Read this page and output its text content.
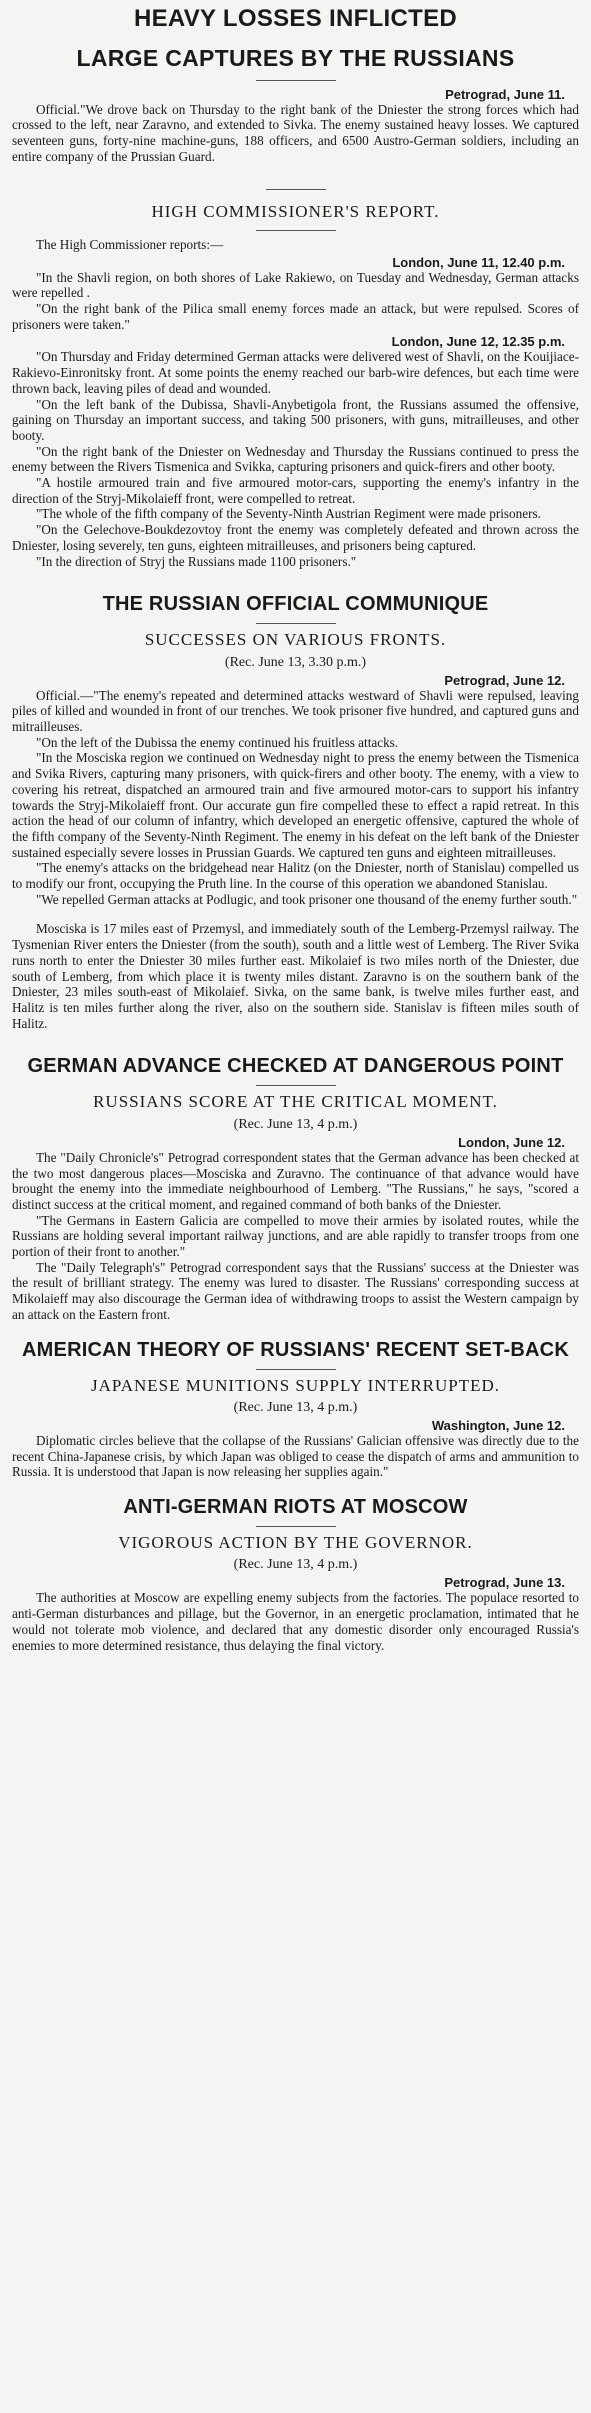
HEAVY LOSSES INFLICTED
LARGE CAPTURES BY THE RUSSIANS
Petrograd, June 11.

Official."We drove back on Thursday to the right bank of the Dniester the strong forces which had crossed to the left, near Zaravno, and extended to Sivka. The enemy sustained heavy losses. We captured seventeen guns, forty-nine machine-guns, 188 officers, and 6500 Austro-German soldiers, including an entire company of the Prussian Guard.

HIGH COMMISSIONER'S REPORT.

The High Commissioner reports:—

London, June 11, 12.40 p.m.

"In the Shavli region, on both shores of Lake Rakiewo, on Tuesday and Wednesday, German attacks were repelled .

"On the right bank of the Pilica small enemy forces made an attack, but were repulsed. Scores of prisoners were taken."

London, June 12, 12.35 p.m.

"On Thursday and Friday determined German attacks were delivered west of Shavli, on the Kouijiace-Rakievo-Einronitsky front. At some points the enemy reached our barb-wire defences, but each time were thrown back, leaving piles of dead and wounded.

"On the left bank of the Dubissa, Shavli-Anybetigola front, the Russians assumed the offensive, gaining on Thursday an important success, and taking 500 prisoners, with guns, mitrailleuses, and other booty.

"On the right bank of the Dniester on Wednesday and Thursday the Russians continued to press the enemy between the Rivers Tismenica and Svikka, capturing prisoners and quick-firers and other booty.

"A hostile armoured train and five armoured motor-cars, supporting the enemy's infantry in the direction of the Stryj-Mikolaieff front, were compelled to retreat.

"The whole of the fifth company of the Seventy-Ninth Austrian Regiment were made prisoners.

"On the Gelechove-Boukdezovtoy front the enemy was completely defeated and thrown across the Dniester, losing severely, ten guns, eighteen mitrailleuses, and prisoners being captured.

"In the direction of Stryj the Russians made 1100 prisoners."

THE RUSSIAN OFFICIAL COMMUNIQUE
SUCCESSES ON VARIOUS FRONTS.
(Rec. June 13, 3.30 p.m.)
Petrograd, June 12.

Official.—"The enemy's repeated and determined attacks westward of Shavli were repulsed, leaving piles of killed and wounded in front of our trenches. We took prisoner five hundred, and captured guns and mitrailleuses.

"On the left of the Dubissa the enemy continued his fruitless attacks.

"In the Mosciska region we continued on Wednesday night to press the enemy between the Tismenica and Svika Rivers, capturing many prisoners, with quick-firers and other booty. The enemy, with a view to covering his retreat, dispatched an armoured train and five armoured motor-cars to support his infantry towards the Stryj-Mikolaieff front. Our accurate gun fire compelled these to effect a rapid retreat. In this action the head of our column of infantry, which developed an energetic offensive, captured the whole of the fifth company of the Seventy-Ninth Regiment. The enemy in his defeat on the left bank of the Dniester sustained especially severe losses in Prussian Guards. We captured ten guns and eighteen mitrailleuses.

"The enemy's attacks on the bridgehead near Halitz (on the Dniester, north of Stanislau) compelled us to modify our front, occupying the Pruth line. In the course of this operation we abandoned Stanislau.

"We repelled German attacks at Podlugic, and took prisoner one thousand of the enemy further south."

Mosciska is 17 miles east of Przemysl, and immediately south of the Lemberg-Przemysl railway. The Tysmenian River enters the Dniester (from the south), south and a little west of Lemberg. The River Svika runs north to enter the Dniester 30 miles further east. Mikolaief is two miles north of the Dniester, due south of Lemberg, from which place it is twenty miles distant. Zaravno is on the southern bank of the Dniester, 23 miles south-east of Mikolaief. Sivka, on the same bank, is twelve miles further east, and Halitz is ten miles further along the river, also on the southern side. Stanislav is fifteen miles south of Halitz.

GERMAN ADVANCE CHECKED AT DANGEROUS POINT
RUSSIANS SCORE AT THE CRITICAL MOMENT.
(Rec. June 13, 4 p.m.)
London, June 12.

The "Daily Chronicle's" Petrograd correspondent states that the German advance has been checked at the two most dangerous places—Mosciska and Zuravno. The continuance of that advance would have brought the enemy into the immediate neighbourhood of Lemberg. "The Russians," he says, "scored a distinct success at the critical moment, and regained command of both banks of the Dniester.

"The Germans in Eastern Galicia are compelled to move their armies by isolated routes, while the Russians are holding several important railway junctions, and are able rapidly to transfer troops from one portion of their front to another."

The "Daily Telegraph's" Petrograd correspondent says that the Russians' success at the Dniester was the result of brilliant strategy. The enemy was lured to disaster. The Russians' corresponding success at Mikolaieff may also discourage the German idea of withdrawing troops to assist the Western campaign by an attack on the Eastern front.

AMERICAN THEORY OF RUSSIANS' RECENT SET-BACK
JAPANESE MUNITIONS SUPPLY INTERRUPTED.
(Rec. June 13, 4 p.m.)
Washington, June 12.

Diplomatic circles believe that the collapse of the Russians' Galician offensive was directly due to the recent China-Japanese crisis, by which Japan was obliged to cease the dispatch of arms and ammunition to Russia. It is understood that Japan is now releasing her supplies again."

ANTI-GERMAN RIOTS AT MOSCOW
VIGOROUS ACTION BY THE GOVERNOR.
(Rec. June 13, 4 p.m.)
Petrograd, June 13.

The authorities at Moscow are expelling enemy subjects from the factories. The populace resorted to anti-German disturbances and pillage, but the Governor, in an energetic proclamation, intimated that he would not tolerate mob violence, and declared that any domestic disorder only encouraged Russia's enemies to more determined resistance, thus delaying the final victory.
